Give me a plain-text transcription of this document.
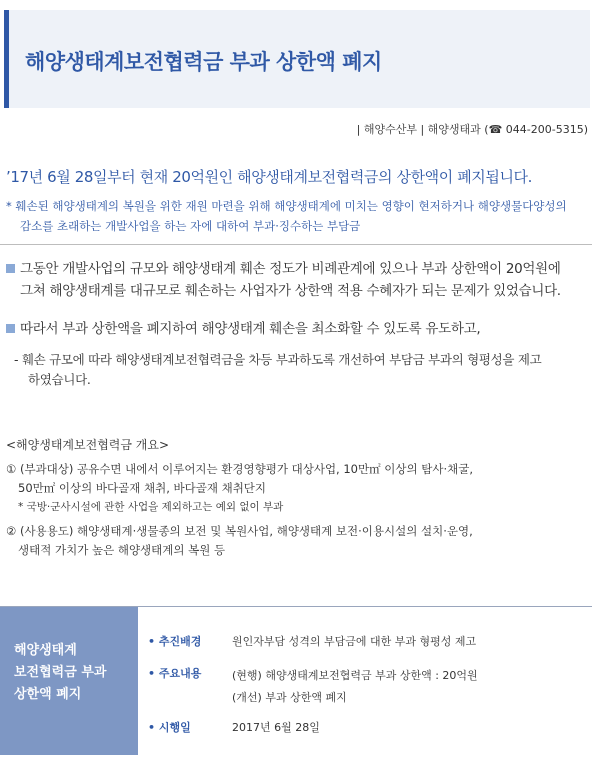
해양생태계보전협력금 부과 상한액 폐지
| 해양수산부 | 해양생태과 (☎ 044-200-5315)
’17년 6월 28일부터 현재 20억원인 해양생태계보전협력금의 상한액이 폐지됩니다.
* 훼손된 해양생태계의 복원을 위한 재원 마련을 위해 해양생태계에 미치는 영향이 현저하거나 해양생물다양성의
감소를 초래하는 개발사업을 하는 자에 대하여 부과·징수하는 부담금
그동안 개발사업의 규모와 해양생태계 훼손 정도가 비례관계에 있으나 부과 상한액이 20억원에
그쳐 해양생태계를 대규모로 훼손하는 사업자가 상한액 적용 수혜자가 되는 문제가 있었습니다.
따라서 부과 상한액을 폐지하여 해양생태계 훼손을 최소화할 수 있도록 유도하고,
- 훼손 규모에 따라 해양생태계보전협력금을 차등 부과하도록 개선하여 부담금 부과의 형평성을 제고
하였습니다.
<해양생태계보전협력금 개요>
① (부과대상) 공유수면 내에서 이루어지는 환경영향평가 대상사업, 10만㎡ 이상의 탐사·채굴,
50만㎡ 이상의 바다골재 채취, 바다골재 채취단지
* 국방·군사시설에 관한 사업을 제외하고는 예외 없이 부과
② (사용용도) 해양생태계·생물종의 보전 및 복원사업, 해양생태계 보전·이용시설의 설치·운영,
생태적 가치가 높은 해양생태계의 복원 등
해양생태계
보전협력금 부과
상한액 폐지
• 추진배경	원인자부담 성격의 부담금에 대한 부과 형평성 제고
• 주요내용	(현행) 해양생태계보전협력금 부과 상한액 : 20억원
(개선) 부과 상한액 폐지
• 시행일	2017년 6월 28일
